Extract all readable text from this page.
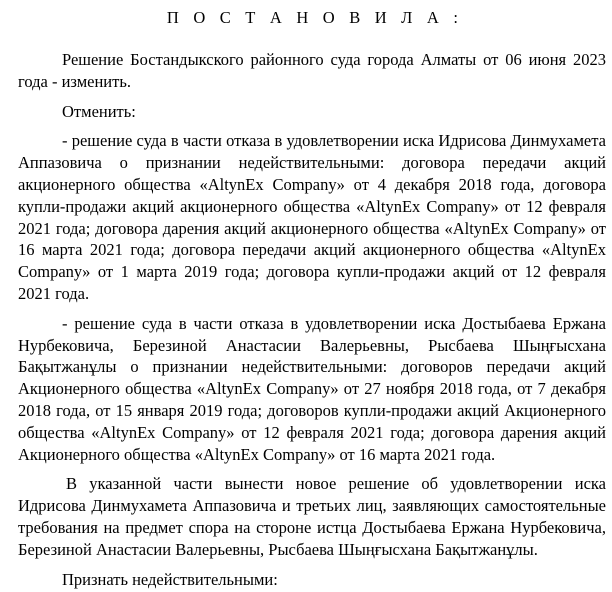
П О С Т А Н О В И Л А :

Решение Бостандыкского районного суда города Алматы от 06 июня 2023 года - изменить.

Отменить:

- решение суда в части отказа в удовлетворении иска Идрисова Динмухамета Аппазовича о признании недействительными: договора передачи акций акционерного общества «AltynEx Company» от 4 декабря 2018 года, договора купли-продажи акций акционерного общества «AltynEx Company» от 12 февраля 2021 года; договора дарения акций акционерного общества «AltynEx Company» от 16 марта 2021 года; договора передачи акций акционерного общества «AltynEx Company» от 1 марта 2019 года; договора купли-продажи акций от 12 февраля 2021 года.

- решение суда в части отказа в удовлетворении иска Достыбаева Ержана Нурбековича, Березиной Анастасии Валерьевны, Рысбаева Шыңғысхана Бақытжанұлы о признании недействительными: договоров передачи акций Акционерного общества «AltynEx Company» от 27 ноября 2018 года, от 7 декабря 2018 года, от 15 января 2019 года; договоров купли-продажи акций Акционерного общества «AltynEx Company» от 12 февраля 2021 года; договора дарения акций Акционерного общества «AltynEx Company» от 16 марта 2021 года.

В указанной части вынести новое решение об удовлетворении иска Идрисова Динмухамета Аппазовича и третьих лиц, заявляющих самостоятельные требования на предмет спора на стороне истца Достыбаева Ержана Нурбековича, Березиной Анастасии Валерьевны, Рысбаева Шыңғысхана Бақытжанұлы.

Признать недействительными:
